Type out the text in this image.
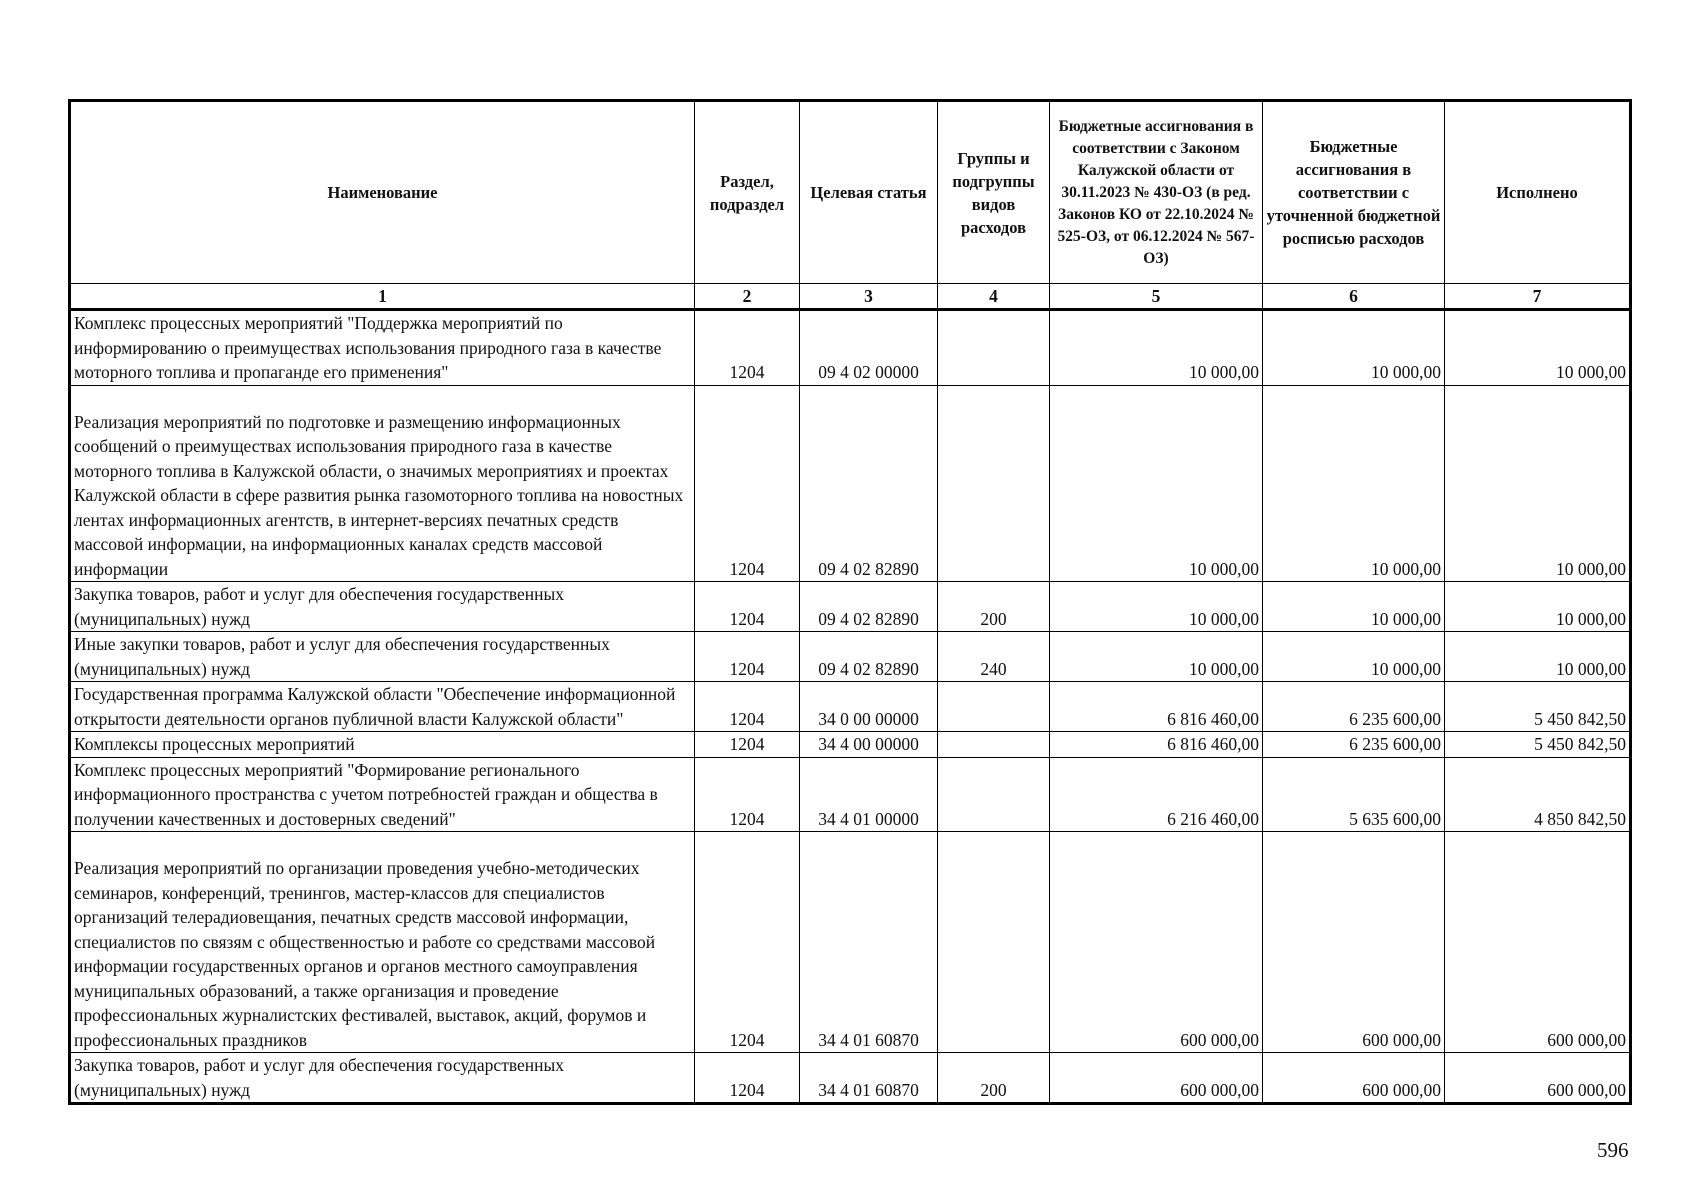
Наименование	Раздел, подраздел	Целевая статья	Группы и подгруппы видов расходов	Бюджетные ассигнования в соответствии с Законом Калужской области от 30.11.2023 № 430-ОЗ (в ред. Законов КО от 22.10.2024 № 525-ОЗ, от 06.12.2024 № 567-ОЗ)	Бюджетные ассигнования в соответствии с уточненной бюджетной росписью расходов	Исполнено
1	2	3	4	5	6	7
Комплекс процессных мероприятий "Поддержка мероприятий по информированию о преимуществах использования природного газа в качестве моторного топлива и пропаганде его применения"	1204	09 4 02 00000		10 000,00	10 000,00	10 000,00
Реализация мероприятий по подготовке и размещению информационных сообщений о преимуществах использования природного газа в качестве моторного топлива в Калужской области, о значимых мероприятиях и проектах Калужской области в сфере развития рынка газомоторного топлива на новостных лентах информационных агентств, в интернет-версиях печатных средств массовой информации, на информационных каналах средств массовой информации	1204	09 4 02 82890		10 000,00	10 000,00	10 000,00
Закупка товаров, работ и услуг для обеспечения государственных (муниципальных) нужд	1204	09 4 02 82890	200	10 000,00	10 000,00	10 000,00
Иные закупки товаров, работ и услуг для обеспечения государственных (муниципальных) нужд	1204	09 4 02 82890	240	10 000,00	10 000,00	10 000,00
Государственная программа Калужской области "Обеспечение информационной открытости деятельности органов публичной власти Калужской области"	1204	34 0 00 00000		6 816 460,00	6 235 600,00	5 450 842,50
Комплексы процессных мероприятий	1204	34 4 00 00000		6 816 460,00	6 235 600,00	5 450 842,50
Комплекс процессных мероприятий "Формирование регионального информационного пространства с учетом потребностей граждан и общества в получении качественных и достоверных сведений"	1204	34 4 01 00000		6 216 460,00	5 635 600,00	4 850 842,50
Реализация мероприятий по организации проведения учебно-методических семинаров, конференций, тренингов, мастер-классов для специалистов организаций телерадиовещания, печатных средств массовой информации, специалистов по связям с общественностью и работе со средствами массовой информации государственных органов и органов местного самоуправления муниципальных образований, а также организация и проведение профессиональных журналистских фестивалей, выставок, акций, форумов и профессиональных праздников	1204	34 4 01 60870		600 000,00	600 000,00	600 000,00
Закупка товаров, работ и услуг для обеспечения государственных (муниципальных) нужд	1204	34 4 01 60870	200	600 000,00	600 000,00	600 000,00
596
